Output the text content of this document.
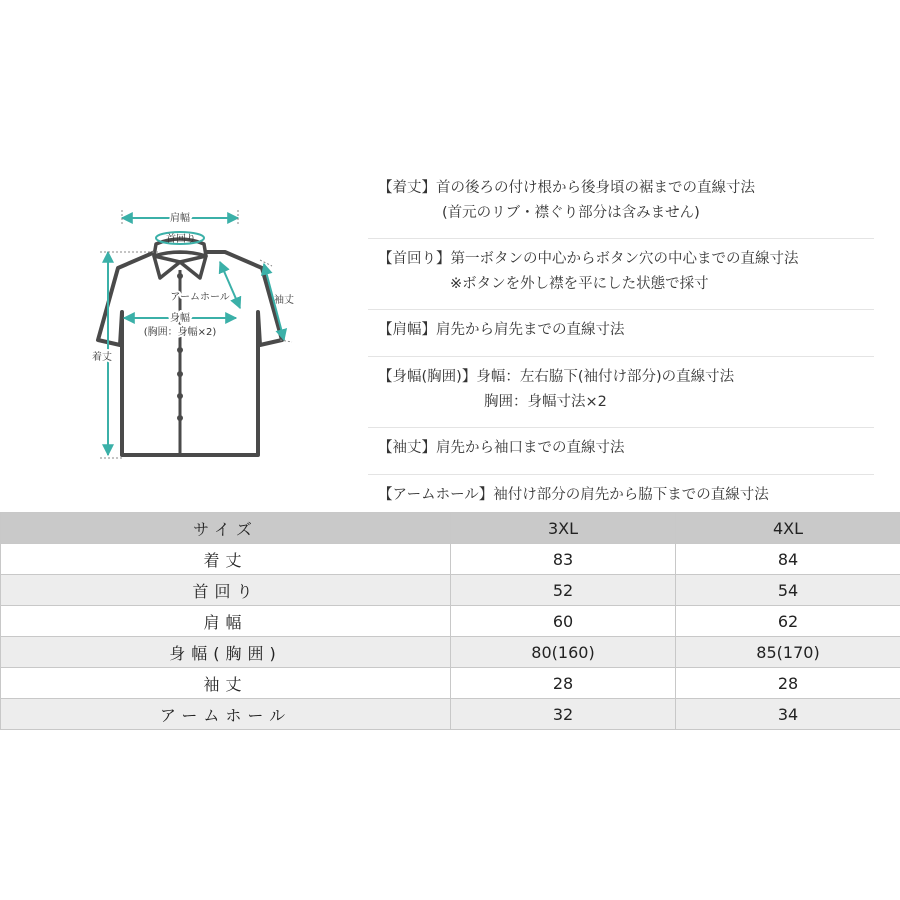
肩幅
首回り
アームホール	袖丈
身幅
(胸囲：身幅×2)
着丈
【着丈】首の後ろの付け根から後身頃の裾までの直線寸法
(首元のリブ・襟ぐり部分は含みません)
【首回り】第一ボタンの中心からボタン穴の中心までの直線寸法
※ボタンを外し襟を平にした状態で採寸
【肩幅】肩先から肩先までの直線寸法
【身幅(胸囲)】身幅：左右脇下(袖付け部分)の直線寸法
胸囲：身幅寸法×2
【袖丈】肩先から袖口までの直線寸法
【アームホール】袖付け部分の肩先から脇下までの直線寸法
サイズ	3XL	4XL
着丈	83	84
首回り	52	54
肩幅	60	62
身幅(胸囲)	80(160)	85(170)
袖丈	28	28
アームホール	32	34
